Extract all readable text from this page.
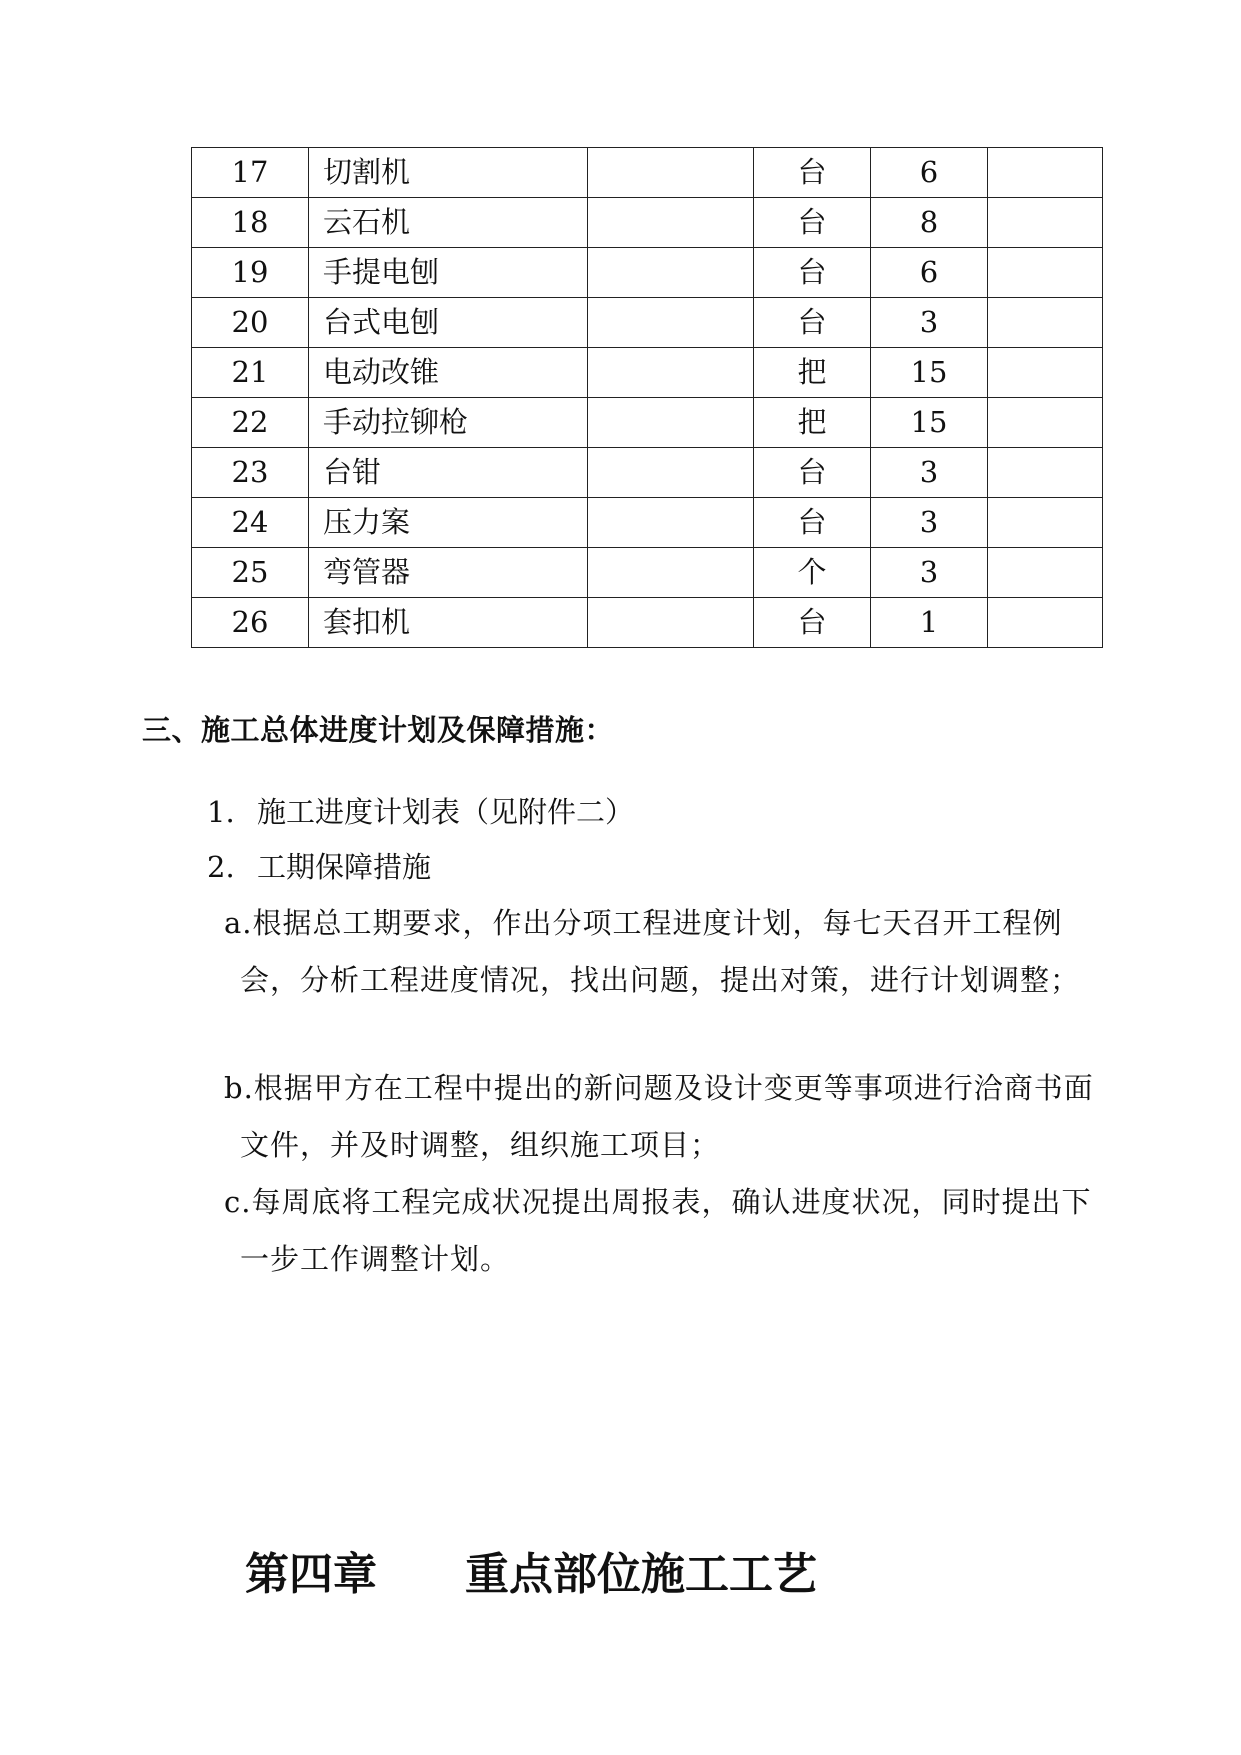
17	切割机		台	6	
18	云石机		台	8	
19	手提电刨		台	6	
20	台式电刨		台	3	
21	电动改锥		把	15	
22	手动拉铆枪		把	15	
23	台钳		台	3	
24	压力案		台	3	
25	弯管器		个	3	
26	套扣机		台	1	
三、施工总体进度计划及保障措施：
1. 施工进度计划表（见附件二）
2. 工期保障措施
a.根据总工期要求，作出分项工程进度计划，每七天召开工程例会，分析工程进度情况，找出问题，提出对策，进行计划调整；
b.根据甲方在工程中提出的新问题及设计变更等事项进行洽商书面文件，并及时调整，组织施工项目；
c.每周底将工程完成状况提出周报表，确认进度状况，同时提出下一步工作调整计划。
第四章　　重点部位施工工艺
